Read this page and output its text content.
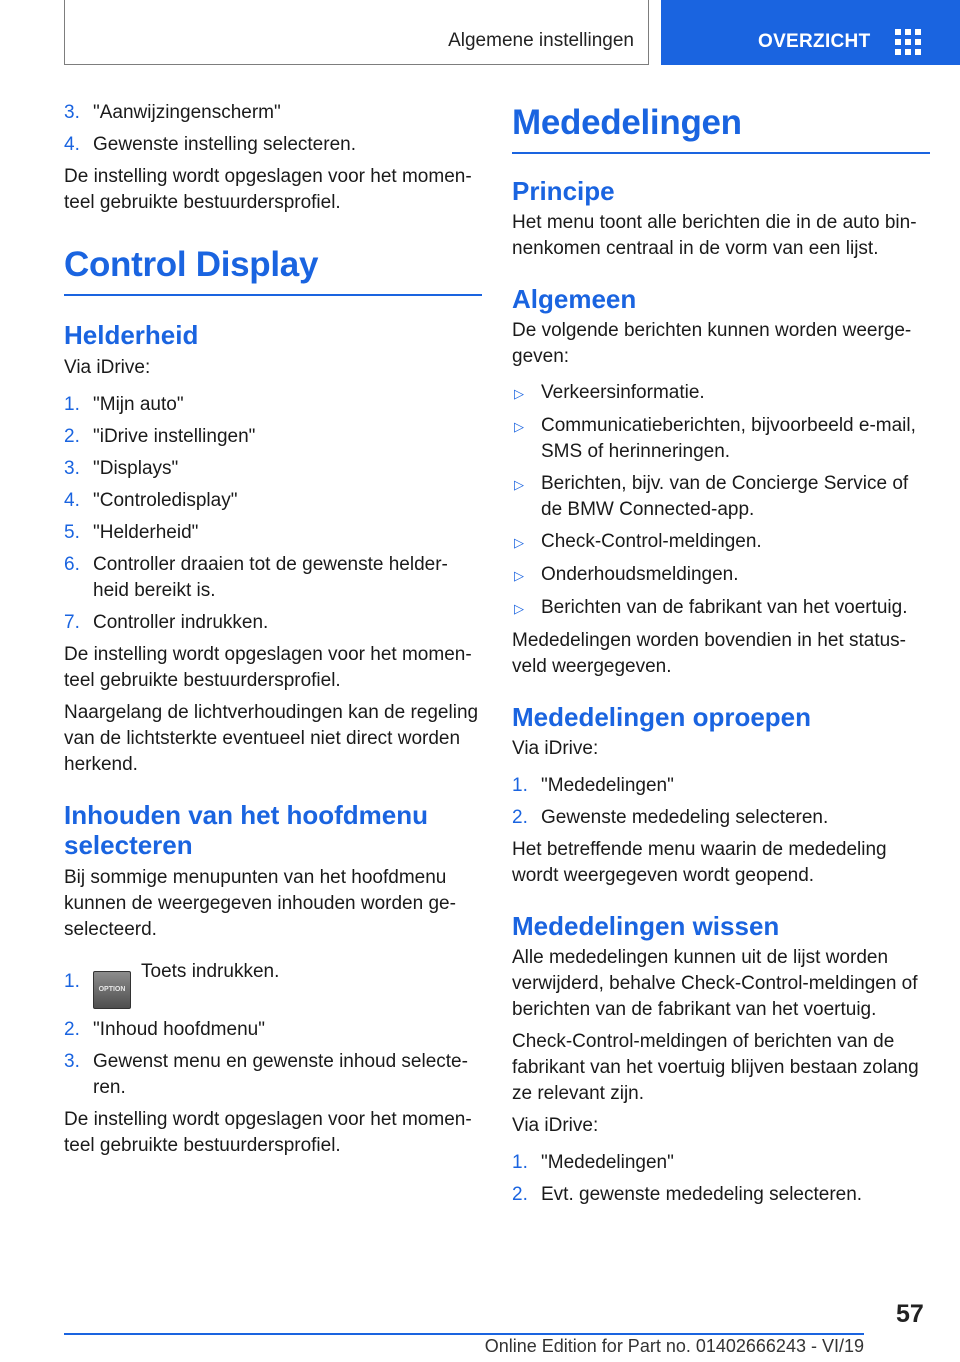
Algemene instellingen	OVERZICHT
3. "Aanwijzingenscherm"
4. Gewenste instelling selecteren.

De instelling wordt opgeslagen voor het momen-teel gebruikte bestuurdersprofiel.

Control Display
Helderheid

Via iDrive:

1. "Mijn auto"
2. "iDrive instellingen"
3. "Displays"
4. "Controledisplay"
5. "Helderheid"
6. Controller draaien tot de gewenste helder-heid bereikt is.
7. Controller indrukken.

De instelling wordt opgeslagen voor het momen-teel gebruikte bestuurdersprofiel.

Naargelang de lichtverhoudingen kan de regeling van de lichtsterkte eventueel niet direct worden herkend.

Inhouden van het hoofdmenu selecteren

Bij sommige menupunten van het hoofdmenu kunnen de weergegeven inhouden worden ge-selecteerd.

1.	OPTIONToets indrukken.
2. "Inhoud hoofdmenu"
3. Gewenst menu en gewenste inhoud selecte-ren.

De instelling wordt opgeslagen voor het momen-teel gebruikte bestuurdersprofiel.

Mededelingen
Principe

Het menu toont alle berichten die in de auto bin-nenkomen centraal in de vorm van een lijst.

Algemeen

De volgende berichten kunnen worden weerge-geven:

▷ Verkeersinformatie.
▷ Communicatieberichten, bijvoorbeeld e-mail, SMS of herinneringen.
▷ Berichten, bijv. van de Concierge Service of de BMW Connected-app.
▷ Check-Control-meldingen.
▷ Onderhoudsmeldingen.
▷ Berichten van de fabrikant van het voertuig.

Mededelingen worden bovendien in het status-veld weergegeven.

Mededelingen oproepen

Via iDrive:

1. "Mededelingen"
2. Gewenste mededeling selecteren.

Het betreffende menu waarin de mededeling wordt weergegeven wordt geopend.

Mededelingen wissen

Alle mededelingen kunnen uit de lijst worden verwijderd, behalve Check-Control-meldingen of berichten van de fabrikant van het voertuig.

Check-Control-meldingen of berichten van de fabrikant van het voertuig blijven bestaan zolang ze relevant zijn.

Via iDrive:

1. "Mededelingen"
2. Evt. gewenste mededeling selecteren.
57
Online Edition for Part no. 01402666243 - VI/19
